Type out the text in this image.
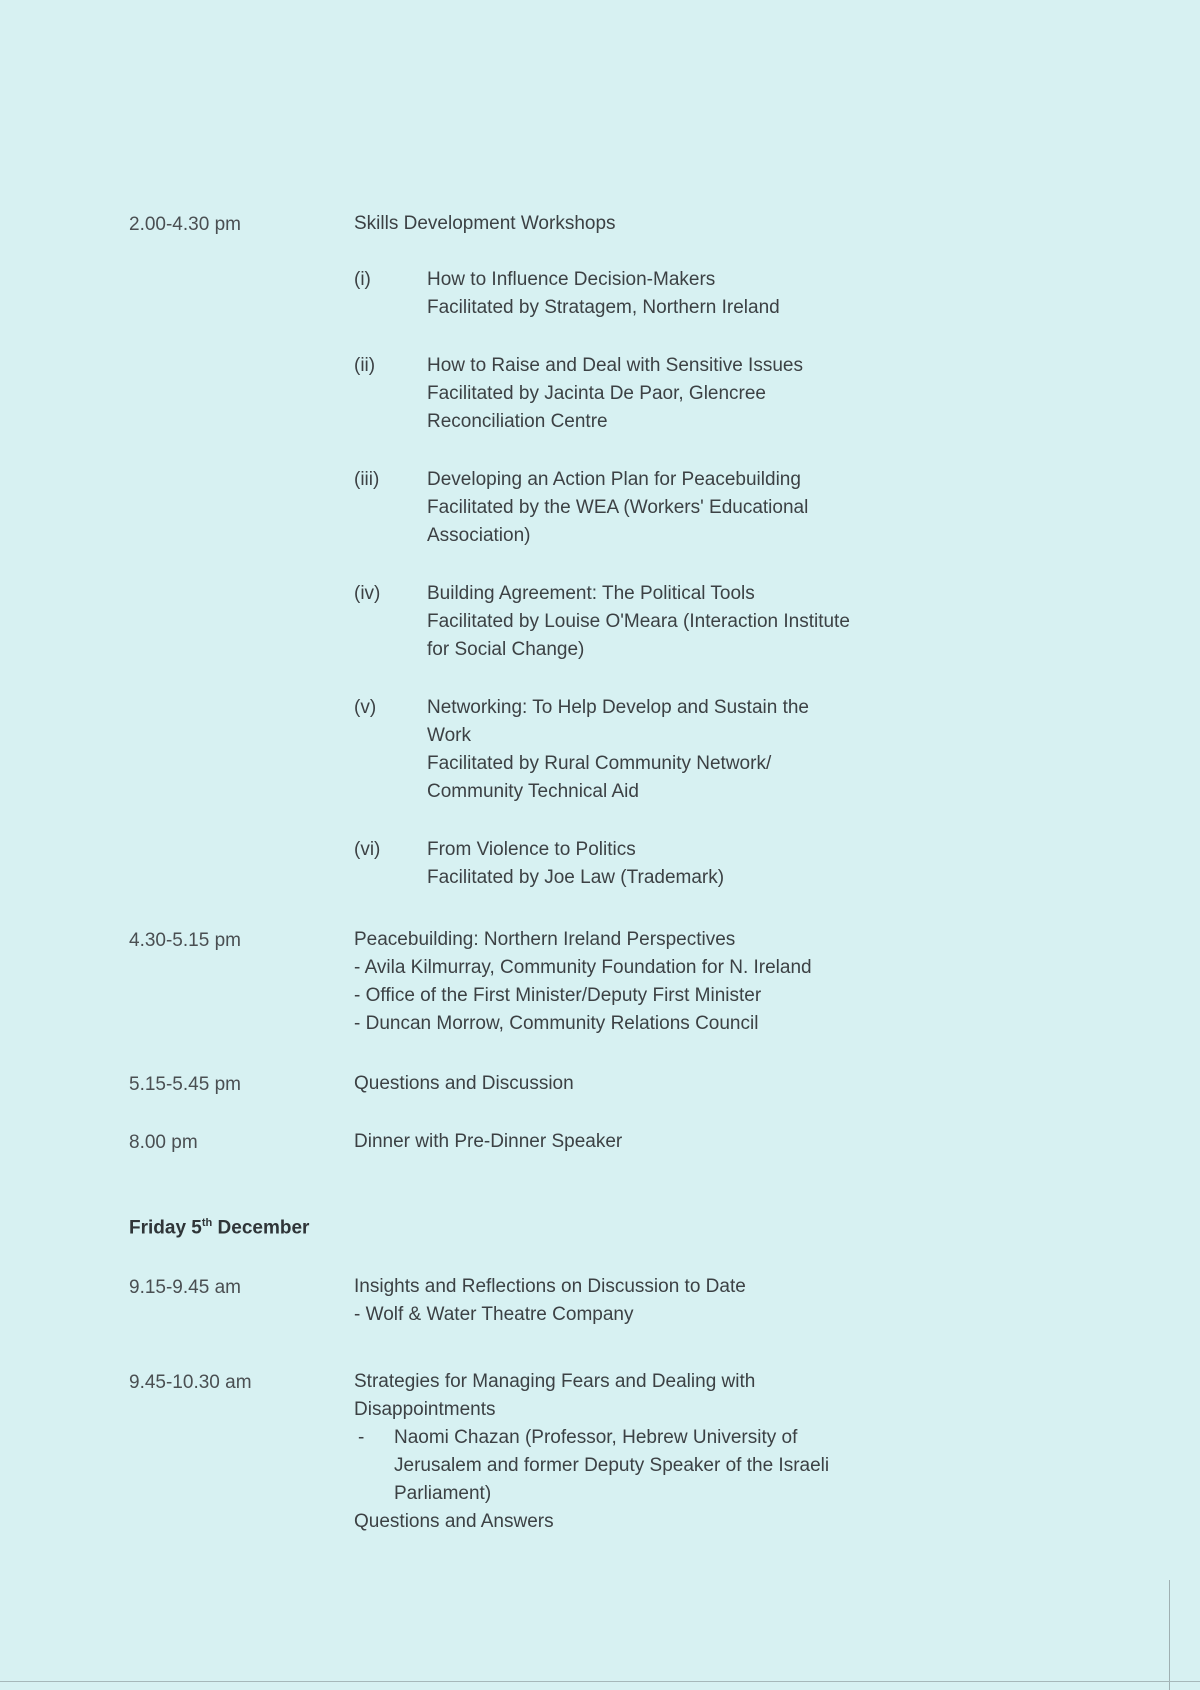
2.00-4.30 pm	Skills Development Workshops
(i)	How to Influence Decision-Makers
Facilitated by Stratagem, Northern Ireland
(ii)	How to Raise and Deal with Sensitive Issues
Facilitated by Jacinta De Paor, Glencree
Reconciliation Centre
(iii)	Developing an Action Plan for Peacebuilding
Facilitated by the WEA (Workers' Educational
Association)
(iv)	Building Agreement: The Political Tools
Facilitated by Louise O'Meara (Interaction Institute
for Social Change)
(v)	Networking: To Help Develop and Sustain the
Work
Facilitated by Rural Community Network/
Community Technical Aid
(vi)	From Violence to Politics
Facilitated by Joe Law (Trademark)
4.30-5.15 pm	Peacebuilding: Northern Ireland Perspectives
- Avila Kilmurray, Community Foundation for N. Ireland
- Office of the First Minister/Deputy First Minister
- Duncan Morrow, Community Relations Council
5.15-5.45 pm	Questions and Discussion
8.00 pm	Dinner with Pre-Dinner Speaker
Friday 5th December
9.15-9.45 am	Insights and Reflections on Discussion to Date
- Wolf & Water Theatre Company
9.45-10.30 am	Strategies for Managing Fears and Dealing with
Disappointments
- Naomi Chazan (Professor, Hebrew University of
Jerusalem and former Deputy Speaker of the Israeli
Parliament)
Questions and Answers
